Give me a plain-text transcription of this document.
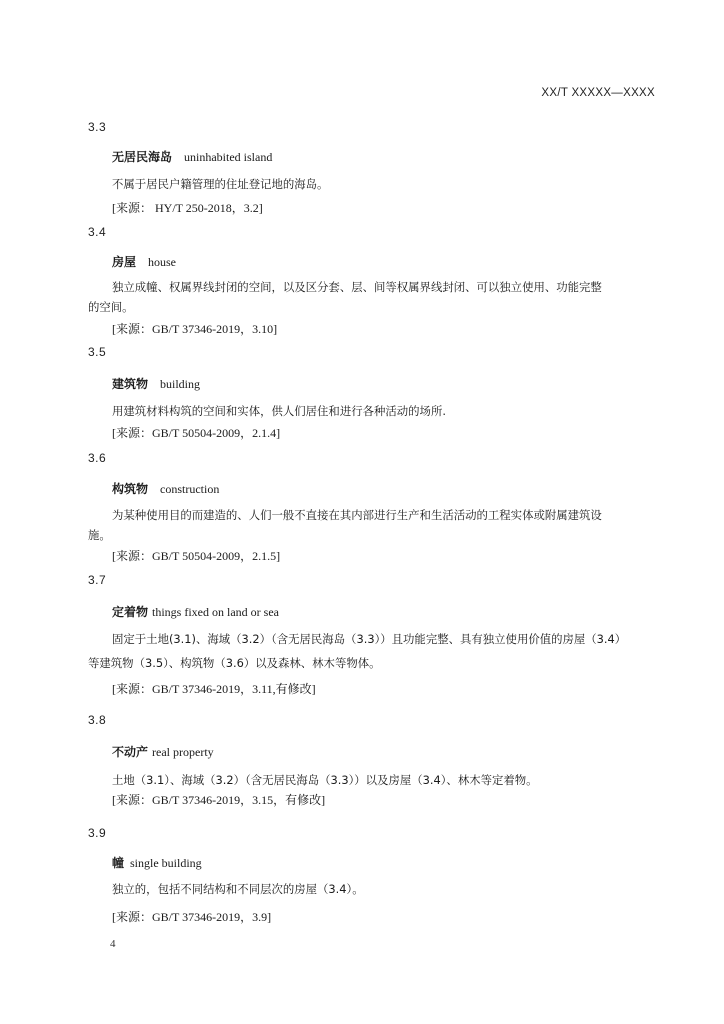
XX/T XXXXX—XXXX
3.3
无居民海岛 uninhabited island
不属于居民户籍管理的住址登记地的海岛。
[来源： HY/T 250-2018，3.2]
3.4
房屋 house
独立成幢、权属界线封闭的空间，以及区分套、层、间等权属界线封闭、可以独立使用、功能完整
的空间。
[来源：GB/T 37346-2019，3.10]
3.5
建筑物 building
用建筑材料构筑的空间和实体，供人们居住和进行各种活动的场所.
[来源：GB/T 50504-2009，2.1.4]
3.6
构筑物 construction
为某种使用目的而建造的、人们一般不直接在其内部进行生产和生活活动的工程实体或附属建筑设
施。
[来源：GB/T 50504-2009，2.1.5]
3.7
定着物 things fixed on land or sea
固定于土地(3.1)、海域（3.2）（含无居民海岛（3.3））且功能完整、具有独立使用价值的房屋（3.4）
等建筑物（3.5）、构筑物（3.6）以及森林、林木等物体。
[来源：GB/T 37346-2019，3.11,有修改]
3.8
不动产 real property
土地（3.1）、海域（3.2）（含无居民海岛（3.3））以及房屋（3.4）、林木等定着物。
[来源：GB/T 37346-2019，3.15，有修改]
3.9
幢 single building
独立的，包括不同结构和不同层次的房屋（3.4）。
[来源：GB/T 37346-2019，3.9]
4
